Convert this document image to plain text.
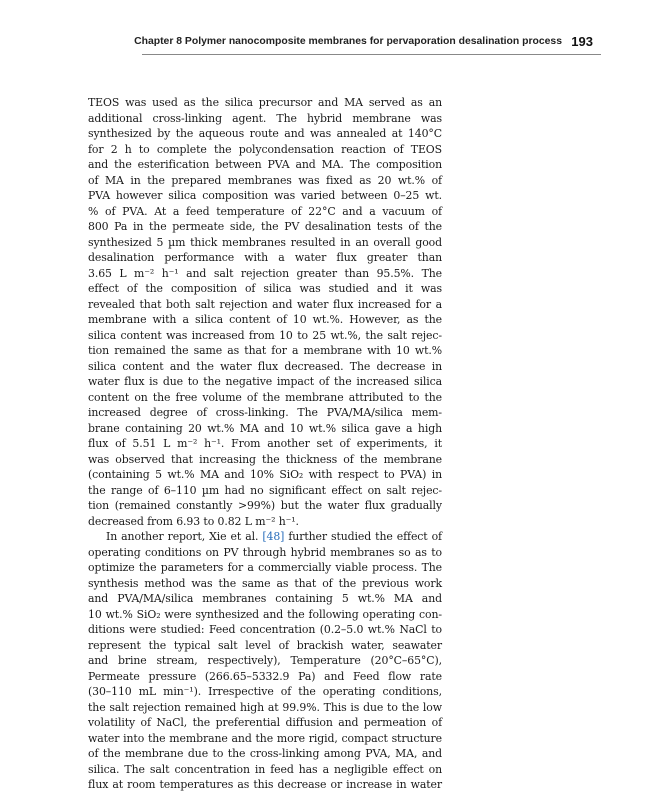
Chapter 8 Polymer nanocomposite membranes for pervaporation desalination process 193
TEOS was used as the silica precursor and MA served as an
additional cross-linking agent. The hybrid membrane was
synthesized by the aqueous route and was annealed at 140°C
for 2 h to complete the polycondensation reaction of TEOS
and the esterification between PVA and MA. The composition
of MA in the prepared membranes was fixed as 20 wt.% of
PVA however silica composition was varied between 0–25 wt.
% of PVA. At a feed temperature of 22°C and a vacuum of
800 Pa in the permeate side, the PV desalination tests of the
synthesized 5 µm thick membranes resulted in an overall good
desalination performance with a water flux greater than
3.65 L m⁻² h⁻¹ and salt rejection greater than 95.5%. The
effect of the composition of silica was studied and it was
revealed that both salt rejection and water flux increased for a
membrane with a silica content of 10 wt.%. However, as the
silica content was increased from 10 to 25 wt.%, the salt rejec-
tion remained the same as that for a membrane with 10 wt.%
silica content and the water flux decreased. The decrease in
water flux is due to the negative impact of the increased silica
content on the free volume of the membrane attributed to the
increased degree of cross-linking. The PVA/MA/silica mem-
brane containing 20 wt.% MA and 10 wt.% silica gave a high
flux of 5.51 L m⁻² h⁻¹. From another set of experiments, it
was observed that increasing the thickness of the membrane
(containing 5 wt.% MA and 10% SiO₂ with respect to PVA) in
the range of 6–110 µm had no significant effect on salt rejec-
tion (remained constantly >99%) but the water flux gradually
decreased from 6.93 to 0.82 L m⁻² h⁻¹.
In another report, Xie et al. [48] further studied the effect of
operating conditions on PV through hybrid membranes so as to
optimize the parameters for a commercially viable process. The
synthesis method was the same as that of the previous work
and PVA/MA/silica membranes containing 5 wt.% MA and
10 wt.% SiO₂ were synthesized and the following operating con-
ditions were studied: Feed concentration (0.2–5.0 wt.% NaCl to
represent the typical salt level of brackish water, seawater
and brine stream, respectively), Temperature (20°C–65°C),
Permeate pressure (266.65–5332.9 Pa) and Feed flow rate
(30–110 mL min⁻¹). Irrespective of the operating conditions,
the salt rejection remained high at 99.9%. This is due to the low
volatility of NaCl, the preferential diffusion and permeation of
water into the membrane and the more rigid, compact structure
of the membrane due to the cross-linking among PVA, MA, and
silica. The salt concentration in feed has a negligible effect on
flux at room temperatures as this decrease or increase in water
